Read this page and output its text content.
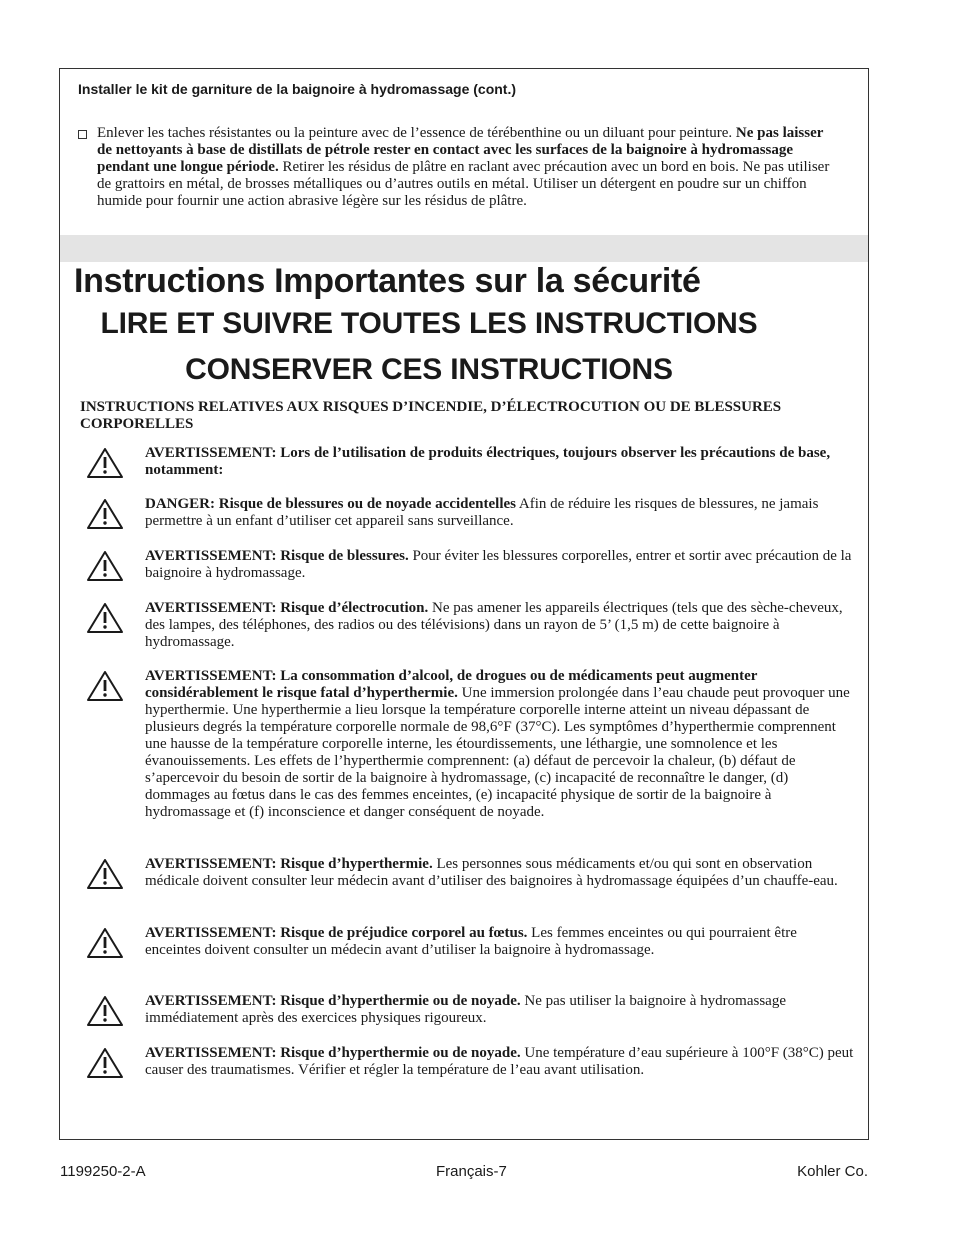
Installer le kit de garniture de la baignoire à hydromassage (cont.)
Enlever les taches résistantes ou la peinture avec de l’essence de térébenthine ou un diluant pour peinture. Ne pas laisser de nettoyants à base de distillats de pétrole rester en contact avec les surfaces de la baignoire à hydromassage pendant une longue période. Retirer les résidus de plâtre en raclant avec précaution avec un bord en bois. Ne pas utiliser de grattoirs en métal, de brosses métalliques ou d’autres outils en métal. Utiliser un détergent en poudre sur un chiffon humide pour fournir une action abrasive légère sur les résidus de plâtre.
Instructions Importantes sur la sécurité
LIRE ET SUIVRE TOUTES LES INSTRUCTIONS
CONSERVER CES INSTRUCTIONS
INSTRUCTIONS RELATIVES AUX RISQUES D’INCENDIE, D’ÉLECTROCUTION OU DE BLESSURES CORPORELLES
AVERTISSEMENT: Lors de l’utilisation de produits électriques, toujours observer les précautions de base, notamment:
DANGER: Risque de blessures ou de noyade accidentelles Afin de réduire les risques de blessures, ne jamais permettre à un enfant d’utiliser cet appareil sans surveillance.
AVERTISSEMENT: Risque de blessures. Pour éviter les blessures corporelles, entrer et sortir avec précaution de la baignoire à hydromassage.
AVERTISSEMENT: Risque d’électrocution. Ne pas amener les appareils électriques (tels que des sèche-cheveux, des lampes, des téléphones, des radios ou des télévisions) dans un rayon de 5’ (1,5 m) de cette baignoire à hydromassage.
AVERTISSEMENT: La consommation d’alcool, de drogues ou de médicaments peut augmenter considérablement le risque fatal d’hyperthermie. Une immersion prolongée dans l’eau chaude peut provoquer une hyperthermie. Une hyperthermie a lieu lorsque la température corporelle interne atteint un niveau dépassant de plusieurs degrés la température corporelle normale de 98,6°F (37°C). Les symptômes d’hyperthermie comprennent une hausse de la température corporelle interne, les étourdissements, une léthargie, une somnolence et les évanouissements. Les effets de l’hyperthermie comprennent: (a) défaut de percevoir la chaleur, (b) défaut de s’apercevoir du besoin de sortir de la baignoire à hydromassage, (c) incapacité de reconnaître le danger, (d) dommages au fœtus dans le cas des femmes enceintes, (e) incapacité physique de sortir de la baignoire à hydromassage et (f) inconscience et danger conséquent de noyade.
AVERTISSEMENT: Risque d’hyperthermie. Les personnes sous médicaments et/ou qui sont en observation médicale doivent consulter leur médecin avant d’utiliser des baignoires à hydromassage équipées d’un chauffe-eau.
AVERTISSEMENT: Risque de préjudice corporel au fœtus. Les femmes enceintes ou qui pourraient être enceintes doivent consulter un médecin avant d’utiliser la baignoire à hydromassage.
AVERTISSEMENT: Risque d’hyperthermie ou de noyade. Ne pas utiliser la baignoire à hydromassage immédiatement après des exercices physiques rigoureux.
AVERTISSEMENT: Risque d’hyperthermie ou de noyade. Une température d’eau supérieure à 100°F (38°C) peut causer des traumatismes. Vérifier et régler la température de l’eau avant utilisation.
1199250-2-A	Français-7	Kohler Co.
